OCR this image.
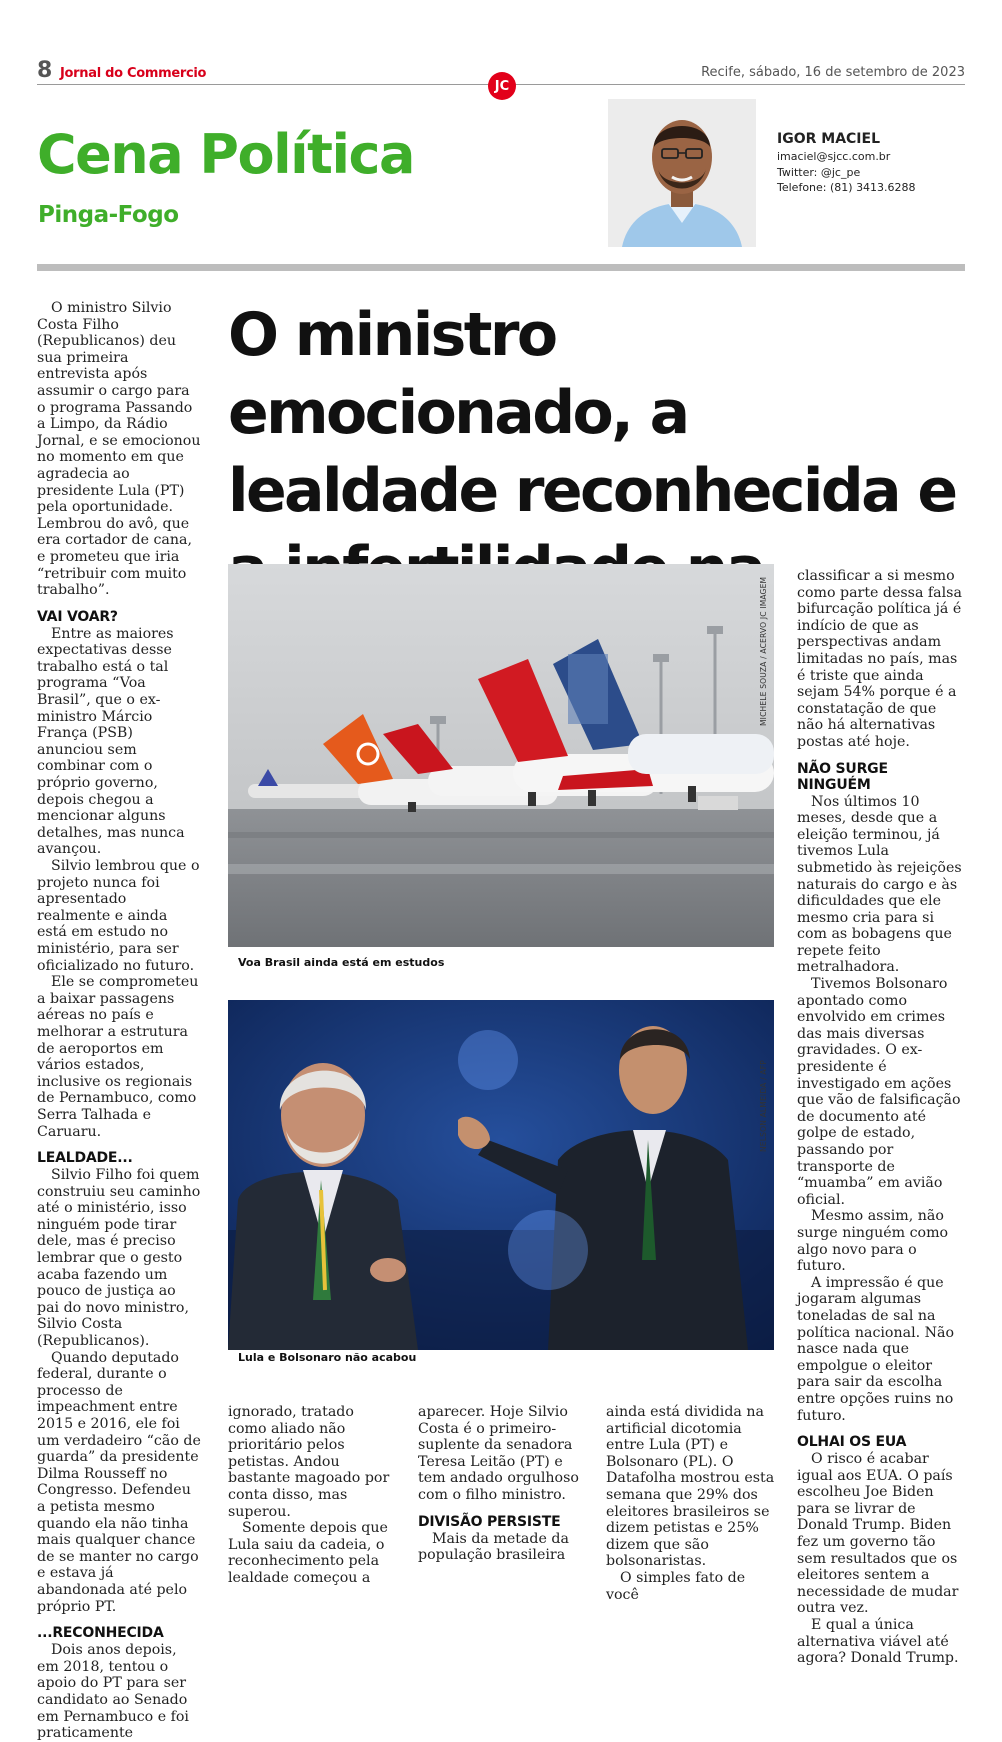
8 Jornal do Commercio	Recife, sábado, 16 de setembro de 2023
JC
Cena Política
Pinga-Fogo
IGOR MACIEL
imaciel@sjcc.com.br
Twitter: @jc_pe
Telefone: (81) 3413.6288
O ministro emocionado, a lealdade reconhecida e

O ministro Silvio Costa Filho (Republicanos) deu sua primeira entrevista após assumir o cargo para o programa Passando a Limpo, da Rádio Jornal, e se emocionou no momento em que agradecia ao presidente Lula (PT) pela oportunidade. Lembrou do avô, que era cortador de cana, e prometeu que iria “retribuir com muito trabalho”.

VAI VOAR?

Entre as maiores expectativas desse trabalho está o tal programa “Voa Brasil”, que o ex-ministro Márcio França (PSB) anunciou sem combinar com o próprio governo, depois chegou a mencionar alguns detalhes, mas nunca avançou.

Silvio lembrou que o projeto nunca foi apresentado realmente e ainda está em estudo no ministério, para ser oficializado no futuro.

Ele se comprometeu a baixar passagens aéreas no país e melhorar a estrutura de aeroportos em vários estados, inclusive os regionais de Pernambuco, como Serra Talhada e Caruaru.

LEALDADE...

Silvio Filho foi quem construiu seu caminho até o ministério, isso ninguém pode tirar dele, mas é preciso lembrar que o gesto acaba fazendo um pouco de justiça ao pai do novo ministro, Silvio Costa (Republicanos).

Quando deputado federal, durante o processo de impeachment entre 2015 e 2016, ele foi um verdadeiro “cão de guarda” da presidente Dilma Rousseff no Congresso. Defendeu a petista mesmo quando ela não tinha mais qualquer chance de se manter no cargo e estava já abandonada até pelo próprio PT.

...RECONHECIDA

Dois anos depois, em 2018, tentou o apoio do PT para ser candidato ao Senado em Pernambuco e foi praticamente

MICHELE SOUZA / ACERVO JC IMAGEM
Voa Brasil ainda está em estudos
NELSON ALMEIDA / AFP
Lula e Bolsonaro não acabou

ignorado, tratado como aliado não prioritário pelos petistas. Andou bastante magoado por conta disso, mas superou.

Somente depois que Lula saiu da cadeia, o reconhecimento pela lealdade começou a

aparecer. Hoje Silvio Costa é o primeiro-suplente da senadora Teresa Leitão (PT) e tem andado orgulhoso com o filho ministro.

DIVISÃO PERSISTE

Mais da metade da população brasileira

ainda está dividida na artificial dicotomia entre Lula (PT) e Bolsonaro (PL). O Datafolha mostrou esta semana que 29% dos eleitores brasileiros se dizem petistas e 25% dizem que são bolsonaristas.

O simples fato de você

classificar a si mesmo como parte dessa falsa bifurcação política já é indício de que as perspectivas andam limitadas no país, mas é triste que ainda sejam 54% porque é a constatação de que não há alternativas postas até hoje.

NÃO SURGE NINGUÉM

Nos últimos 10 meses, desde que a eleição terminou, já tivemos Lula submetido às rejeições naturais do cargo e às dificuldades que ele mesmo cria para si com as bobagens que repete feito metralhadora.

Tivemos Bolsonaro apontado como envolvido em crimes das mais diversas gravidades. O ex-presidente é investigado em ações que vão de falsificação de documento até golpe de estado, passando por transporte de “muamba” em avião oficial.

Mesmo assim, não surge ninguém como algo novo para o futuro.

A impressão é que jogaram algumas toneladas de sal na política nacional. Não nasce nada que empolgue o eleitor para sair da escolha entre opções ruins no futuro.

OLHAI OS EUA

O risco é acabar igual aos EUA. O país escolheu Joe Biden para se livrar de Donald Trump. Biden fez um governo tão sem resultados que os eleitores sentem a necessidade de mudar outra vez.

E qual a única alternativa viável até agora? Donald Trump.
